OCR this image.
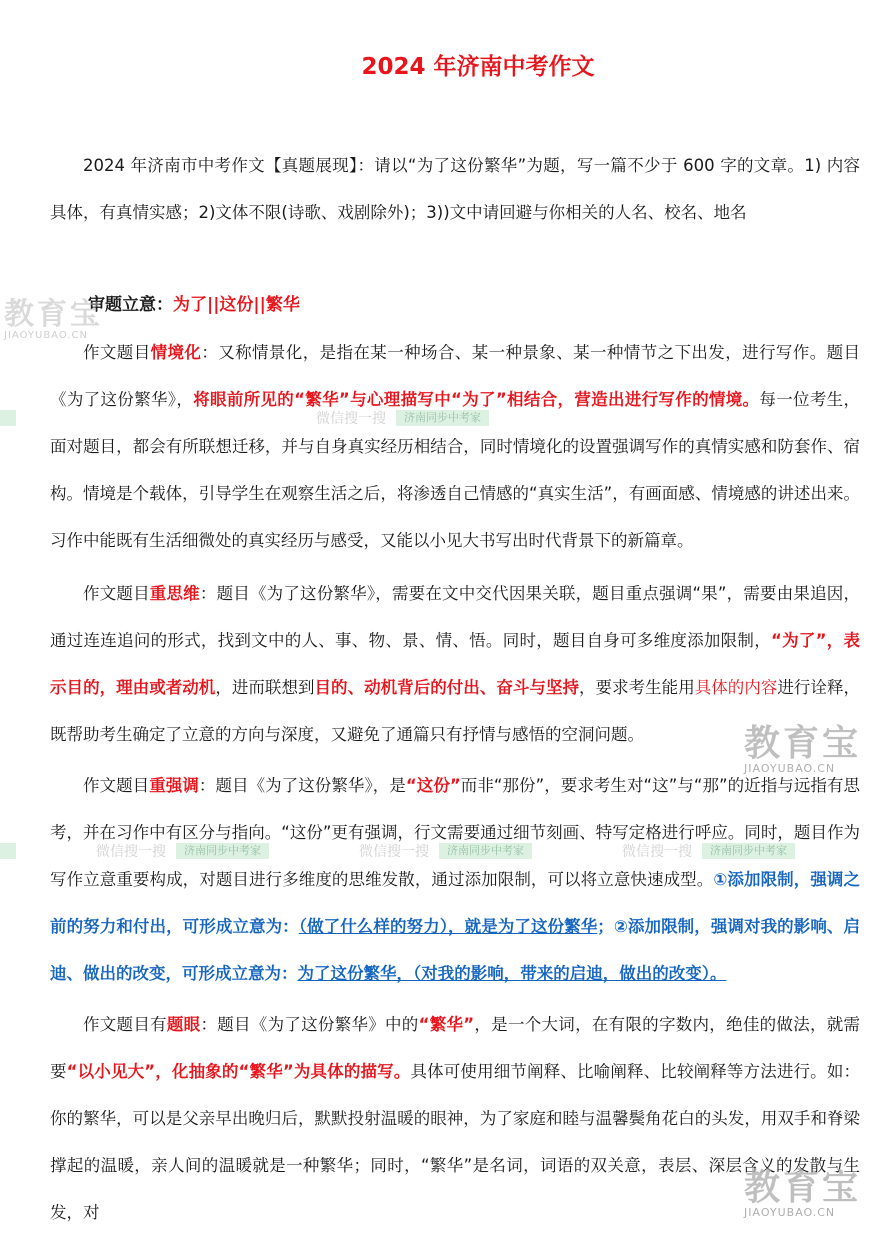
2024 年济南中考作文

2024 年济南市中考作文【真题展现】：请以“为了这份繁华”为题，写一篇不少于 600 字的文章。1) 内容具体，有真情实感；2)文体不限(诗歌、戏剧除外)；3))文中请回避与你相关的人名、校名、地名

审题立意：为了||这份||繁华

作文题目情境化：又称情景化，是指在某一种场合、某一种景象、某一种情节之下出发，进行写作。题目《为了这份繁华》，将眼前所见的“繁华”与心理描写中“为了”相结合，营造出进行写作的情境。每一位考生，面对题目，都会有所联想迁移，并与自身真实经历相结合，同时情境化的设置强调写作的真情实感和防套作、宿构。情境是个载体，引导学生在观察生活之后，将渗透自己情感的“真实生活”，有画面感、情境感的讲述出来。习作中能既有生活细微处的真实经历与感受，又能以小见大书写出时代背景下的新篇章。

作文题目重思维：题目《为了这份繁华》，需要在文中交代因果关联，题目重点强调“果”，需要由果追因，通过连连追问的形式，找到文中的人、事、物、景、情、悟。同时，题目自身可多维度添加限制，“为了”，表示目的，理由或者动机，进而联想到目的、动机背后的付出、奋斗与坚持，要求考生能用具体的内容进行诠释，既帮助考生确定了立意的方向与深度，又避免了通篇只有抒情与感悟的空洞问题。

作文题目重强调：题目《为了这份繁华》，是“这份”而非“那份”，要求考生对“这”与“那”的近指与远指有思考，并在习作中有区分与指向。“这份”更有强调，行文需要通过细节刻画、特写定格进行呼应。同时，题目作为写作立意重要构成，对题目进行多维度的思维发散，通过添加限制，可以将立意快速成型。①添加限制，强调之前的努力和付出，可形成立意为：（做了什么样的努力），就是为了这份繁华；②添加限制，强调对我的影响、启迪、做出的改变，可形成立意为：为了这份繁华，（对我的影响，带来的启迪，做出的改变）。

作文题目有题眼：题目《为了这份繁华》中的“繁华”，是一个大词，在有限的字数内，绝佳的做法，就需要“以小见大”，化抽象的“繁华”为具体的描写。具体可使用细节阐释、比喻阐释、比较阐释等方法进行。如：你的繁华，可以是父亲早出晚归后，默默投射温暖的眼神，为了家庭和睦与温馨鬓角花白的头发，用双手和脊梁撑起的温暖，亲人间的温暖就是一种繁华；同时，“繁华”是名词，词语的双关意，表层、深层含义的发散与生发，对

教育宝
JIAOYUBAO.CN
教育宝
JIAOYUBAO.CN
教育宝
JIAOYUBAO.CN
微信搜一搜	济南同步中考家
微信搜一搜	济南同步中考家	微信搜一搜	济南同步中考家	微信搜一搜	济南同步中考家
